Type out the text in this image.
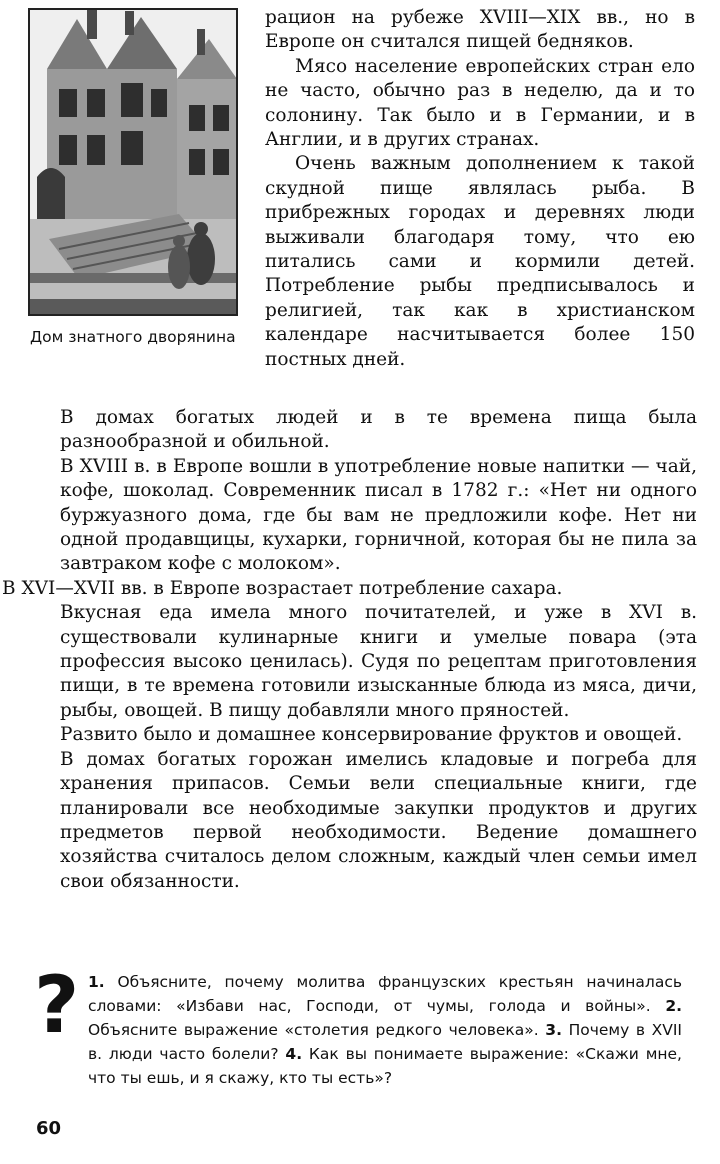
Дом знатного дворянина

рацион на рубеже XVIII—XIX вв., но в Европе он считался пищей бедняков.

Мясо население европейских стран ело не часто, обычно раз в неделю, да и то солонину. Так было и в Германии, и в Англии, и в других странах.

Очень важным дополнением к такой скудной пище являлась рыба. В прибрежных городах и деревнях люди выживали благодаря тому, что ею питались сами и кормили детей. Потребление рыбы предписывалось и религией, так как в христианском календаре насчитывается более 150 постных дней.

В домах богатых людей и в те времена пища была разнообразной и обильной.

В XVIII в. в Европе вошли в употребление новые напитки — чай, кофе, шоколад. Современник писал в 1782 г.: «Нет ни одного буржуазного дома, где бы вам не предложили кофе. Нет ни одной продавщицы, кухарки, горничной, которая бы не пила за завтраком кофе с молоком».

В XVI—XVII вв. в Европе возрастает потребление сахара.

Вкусная еда имела много почитателей, и уже в XVI в. существовали кулинарные книги и умелые повара (эта профессия высоко ценилась). Судя по рецептам приготовления пищи, в те времена готовили изысканные блюда из мяса, дичи, рыбы, овощей. В пищу добавляли много пряностей.

Развито было и домашнее консервирование фруктов и овощей.

В домах богатых горожан имелись кладовые и погреба для хранения припасов. Семьи вели специальные книги, где планировали все необходимые закупки продуктов и других предметов первой необходимости. Ведение домашнего хозяйства считалось делом сложным, каждый член семьи имел свои обязанности.

? 1. Объясните, почему молитва французских крестьян начиналась словами: «Избави нас, Господи, от чумы, голода и войны». 2. Объясните выражение «столетия редкого человека». 3. Почему в XVII в. люди часто болели? 4. Как вы понимаете выражение: «Скажи мне, что ты ешь, и я скажу, кто ты есть»?
60
